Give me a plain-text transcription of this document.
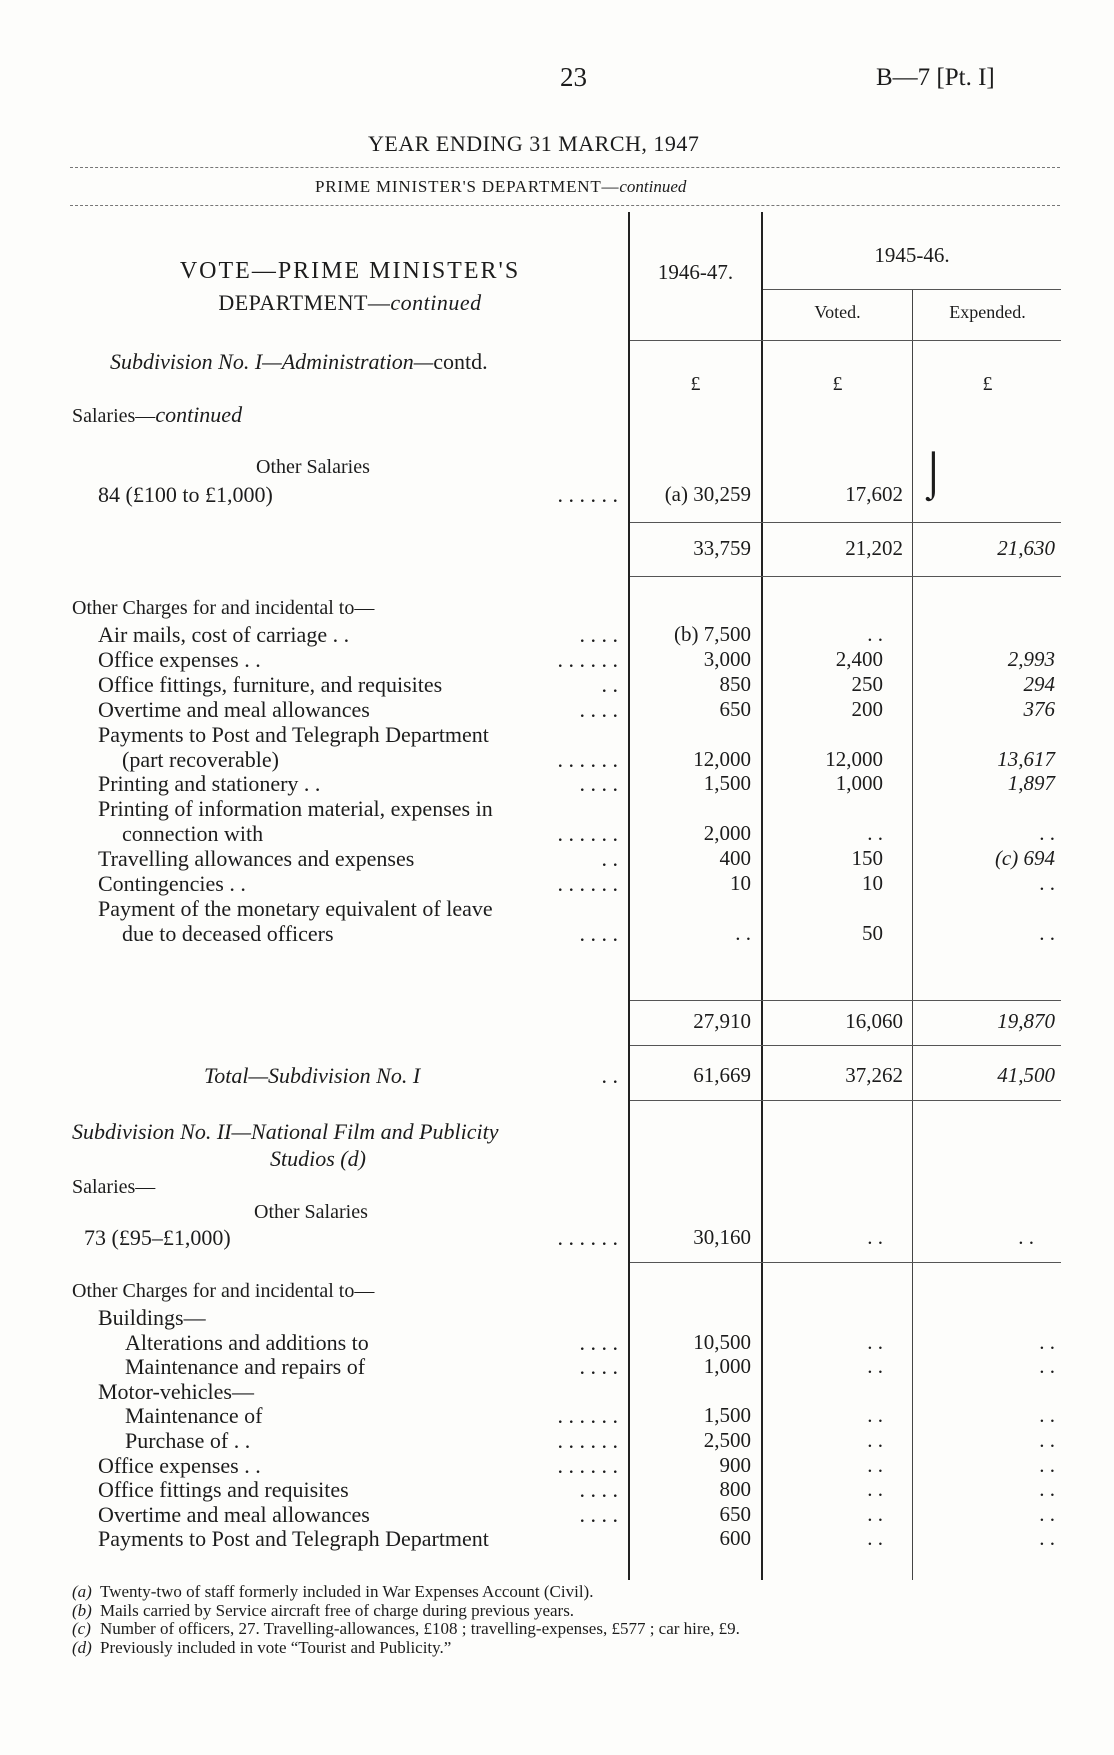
23	B—7 [Pt. I]
YEAR ENDING 31 MARCH, 1947
PRIME MINISTER'S DEPARTMENT—continued
VOTE—PRIME MINISTER'S
DEPARTMENT—continued
1946-47.
1945-46.
Voted.	Expended.
Subdivision No. I—Administration—contd.
£	£	£
Salaries—continued
Other Salaries
84 (£100 to £1,000)	. . . . . .	(a) 30,259	17,602 ⌡
33,759	21,202	21,630
Other Charges for and incidental to—
Air mails, cost of carriage . .	. . . .	(b) 7,500	. .
Office expenses . .	. . . . . .	3,000	2,400	2,993
Office fittings, furniture, and requisites	. .	850	250	294
Overtime and meal allowances	. . . .	650	200	376
Payments to Post and Telegraph Department
(part recoverable)	. . . . . .	12,000	12,000	13,617
Printing and stationery . .	. . . .	1,500	1,000	1,897
Printing of information material, expenses in
connection with	. . . . . .	2,000	. .	. .
Travelling allowances and expenses	. .	400	150	(c) 694
Contingencies . .	. . . . . .	10	10	. .
Payment of the monetary equivalent of leave
due to deceased officers	. . . .	. .	50	. .
27,910	16,060	19,870
Total—Subdivision No. I	. .	61,669	37,262	41,500
Subdivision No. II—National Film and Publicity
Studios (d)
Salaries—
Other Salaries
73 (£95–£1,000)	. . . . . .	30,160	. .	. .
Other Charges for and incidental to—
Buildings—
Alterations and additions to	. . . .	10,500	. .	. .
Maintenance and repairs of	. . . .	1,000	. .	. .
Motor-vehicles—
Maintenance of	. . . . . .	1,500	. .	. .
Purchase of . .	. . . . . .	2,500	. .	. .
Office expenses . .	. . . . . .	900	. .	. .
Office fittings and requisites	. . . .	800	. .	. .
Overtime and meal allowances	. . . .	650	. .	. .
Payments to Post and Telegraph Department	600	. .	. .
(a) Twenty-two of staff formerly included in War Expenses Account (Civil).
(b) Mails carried by Service aircraft free of charge during previous years.
(c) Number of officers, 27. Travelling-allowances, £108 ; travelling-expenses, £577 ; car hire, £9.
(d) Previously included in vote “Tourist and Publicity.”
